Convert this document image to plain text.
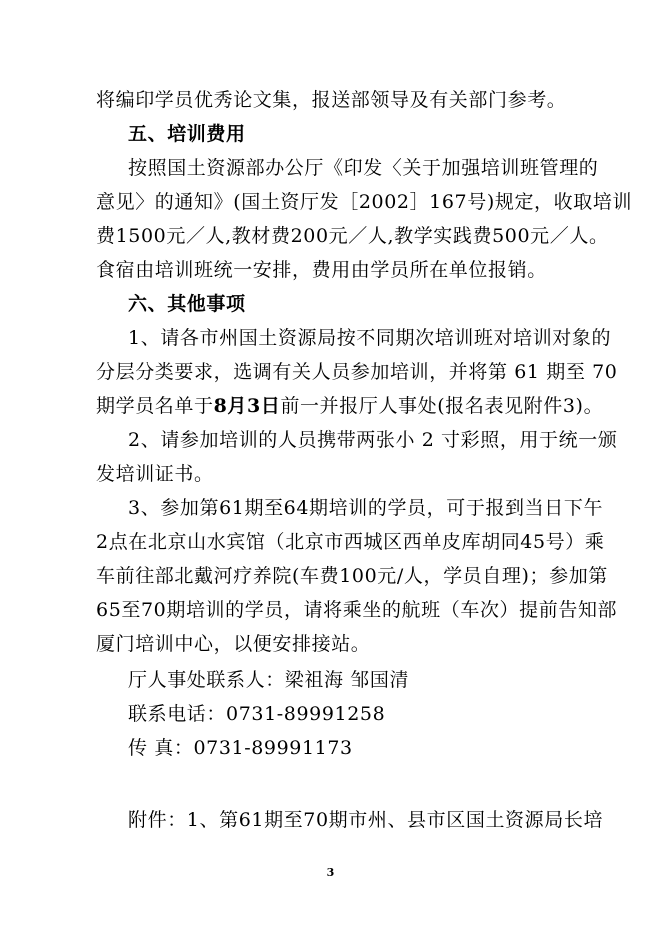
将编印学员优秀论文集，报送部领导及有关部门参考。
五、培训费用
按照国土资源部办公厅《印发〈关于加强培训班管理的
意见〉的通知》(国土资厅发［2002］167号)规定，收取培训
费1500元／人,教材费200元／人,教学实践费500元／人。
食宿由培训班统一安排，费用由学员所在单位报销。
六、其他事项
1、请各市州国土资源局按不同期次培训班对培训对象的
分层分类要求，选调有关人员参加培训，并将第 61 期至 70
期学员名单于8月3日前一并报厅人事处(报名表见附件3)。
2、请参加培训的人员携带两张小 2 寸彩照，用于统一颁
发培训证书。
3、参加第61期至64期培训的学员，可于报到当日下午
2点在北京山水宾馆（北京市西城区西单皮库胡同45号）乘
车前往部北戴河疗养院(车费100元/人，学员自理)；参加第
65至70期培训的学员，请将乘坐的航班（车次）提前告知部
厦门培训中心，以便安排接站。
厅人事处联系人：梁祖海 邹国清
联系电话：0731-89991258
传 真：0731-89991173
附件：1、第61期至70期市州、县市区国土资源局长培
3
